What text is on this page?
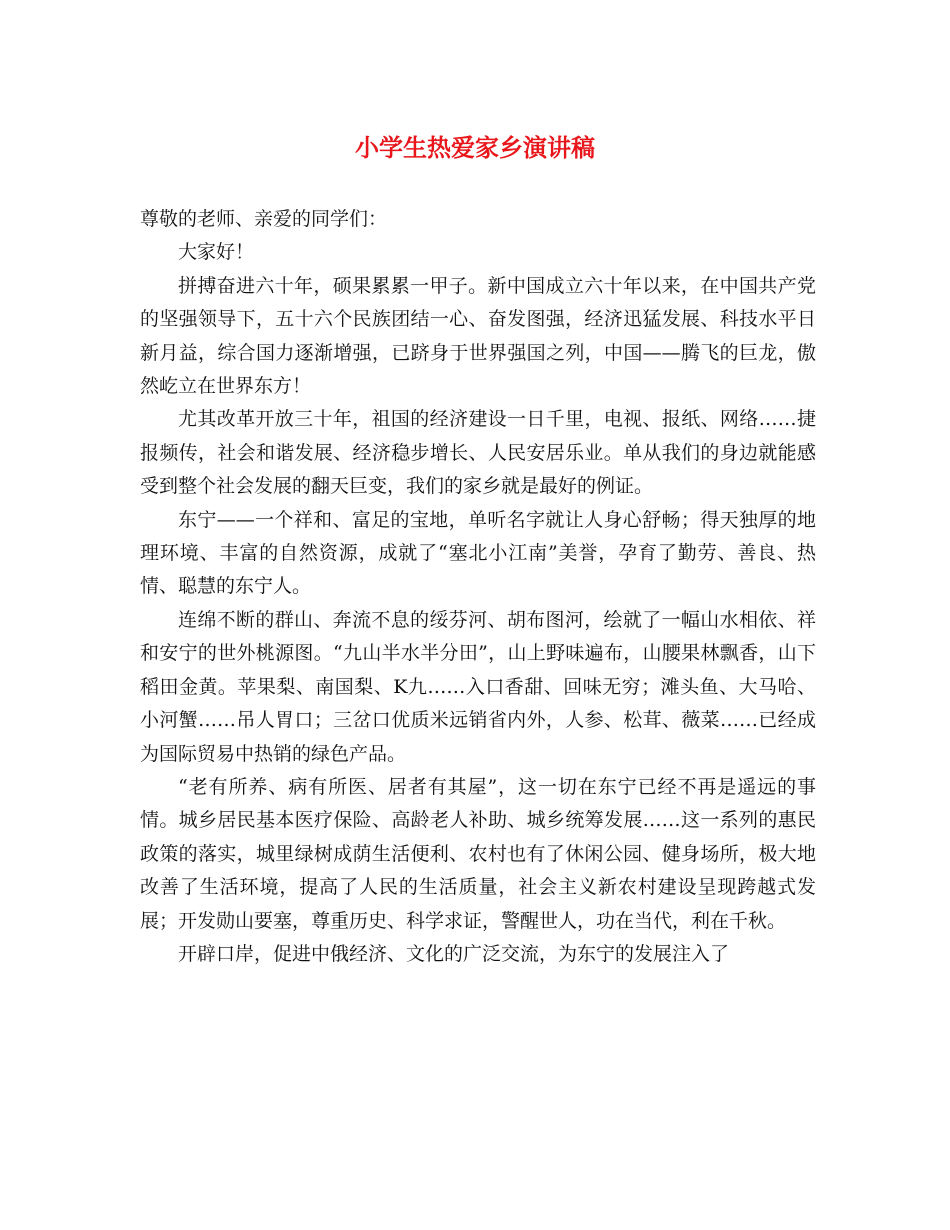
小学生热爱家乡演讲稿

尊敬的老师、亲爱的同学们：

大家好！

拼搏奋进六十年，硕果累累一甲子。新中国成立六十年以来，在中国共产党的坚强领导下，五十六个民族团结一心、奋发图强，经济迅猛发展、科技水平日新月益，综合国力逐渐增强，已跻身于世界强国之列，中国——腾飞的巨龙，傲然屹立在世界东方！

尤其改革开放三十年，祖国的经济建设一日千里，电视、报纸、网络……捷报频传，社会和谐发展、经济稳步增长、人民安居乐业。单从我们的身边就能感受到整个社会发展的翻天巨变，我们的家乡就是最好的例证。

东宁——一个祥和、富足的宝地，单听名字就让人身心舒畅；得天独厚的地理环境、丰富的自然资源，成就了“塞北小江南”美誉，孕育了勤劳、善良、热情、聪慧的东宁人。

连绵不断的群山、奔流不息的绥芬河、胡布图河，绘就了一幅山水相依、祥和安宁的世外桃源图。“九山半水半分田”，山上野味遍布，山腰果林飘香，山下稻田金黄。苹果梨、南国梨、K九……入口香甜、回味无穷；滩头鱼、大马哈、小河蟹……吊人胃口；三岔口优质米远销省内外，人参、松茸、薇菜……已经成为国际贸易中热销的绿色产品。

“老有所养、病有所医、居者有其屋”，这一切在东宁已经不再是遥远的事情。城乡居民基本医疗保险、高龄老人补助、城乡统筹发展……这一系列的惠民政策的落实，城里绿树成荫生活便利、农村也有了休闲公园、健身场所，极大地改善了生活环境，提高了人民的生活质量，社会主义新农村建设呈现跨越式发展；开发勋山要塞，尊重历史、科学求证，警醒世人，功在当代，利在千秋。

开辟口岸，促进中俄经济、文化的广泛交流，为东宁的发展注入了
